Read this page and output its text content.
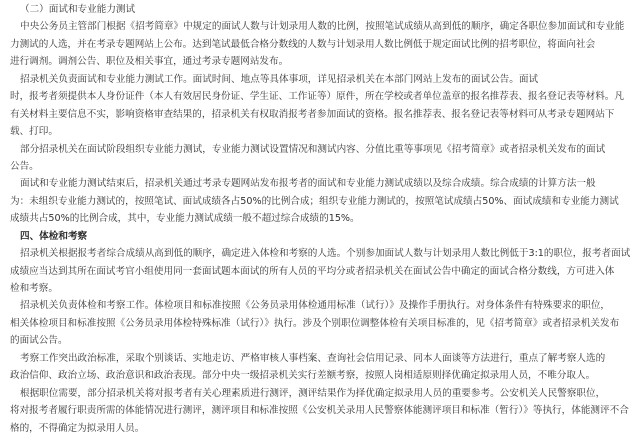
（二）面试和专业能力测试
中央公务员主管部门根据《招考简章》中规定的面试人数与计划录用人数的比例，按照笔试成绩从高到低的顺序，确定各职位参加面试和专业能
力测试的人选，并在考录专题网站上公布。达到笔试最低合格分数线的人数与计划录用人数比例低于规定面试比例的招考职位，将面向社会
进行调剂。调剂公告、职位及相关事宜，通过考录专题网站发布。
招录机关负责面试和专业能力测试工作。面试时间、地点等具体事项，详见招录机关在本部门网站上发布的面试公告。面试
时，报考者须提供本人身份证件（本人有效居民身份证、学生证、工作证等）原件，所在学校或者单位盖章的报名推荐表、报名登记表等材料。凡
有关材料主要信息不实，影响资格审查结果的，招录机关有权取消报考者参加面试的资格。报名推荐表、报名登记表等材料可从考录专题网站下
载、打印。
部分招录机关在面试阶段组织专业能力测试，专业能力测试设置情况和测试内容、分值比重等事项见《招考简章》或者招录机关发布的面试
公告。
面试和专业能力测试结束后，招录机关通过考录专题网站发布报考者的面试和专业能力测试成绩以及综合成绩。综合成绩的计算方法一般
为：未组织专业能力测试的，按照笔试、面试成绩各占50%的比例合成；组织专业能力测试的，按照笔试成绩占50%、面试成绩和专业能力测试
成绩共占50%的比例合成，其中，专业能力测试成绩一般不超过综合成绩的15%。
四、体检和考察
招录机关根据报考者综合成绩从高到低的顺序，确定进入体检和考察的人选。个别参加面试人数与计划录用人数比例低于3:1的职位，报考者面试
成绩应当达到其所在面试考官小组使用同一套面试题本面试的所有人员的平均分或者招录机关在面试公告中确定的面试合格分数线，方可进入体
检和考察。
招录机关负责体检和考察工作。体检项目和标准按照《公务员录用体检通用标准（试行）》及操作手册执行。对身体条件有特殊要求的职位，
相关体检项目和标准按照《公务员录用体检特殊标准（试行）》执行。涉及个别职位调整体检有关项目标准的，见《招考简章》或者招录机关发布
的面试公告。
考察工作突出政治标准，采取个别谈话、实地走访、严格审核人事档案、查询社会信用记录、同本人面谈等方法进行，重点了解考察人选的
政治信仰、政治立场、政治意识和政治表现。部分中央一级招录机关实行差额考察，按照人岗相适原则择优确定拟录用人员，不唯分取人。
根据职位需要，部分招录机关将对报考者有关心理素质进行测评，测评结果作为择优确定拟录用人员的重要参考。公安机关人民警察职位，
将对报考者履行职责所需的体能情况进行测评，测评项目和标准按照《公安机关录用人民警察体能测评项目和标准（暂行）》等执行，体能测评不合
格的，不得确定为拟录用人员。
